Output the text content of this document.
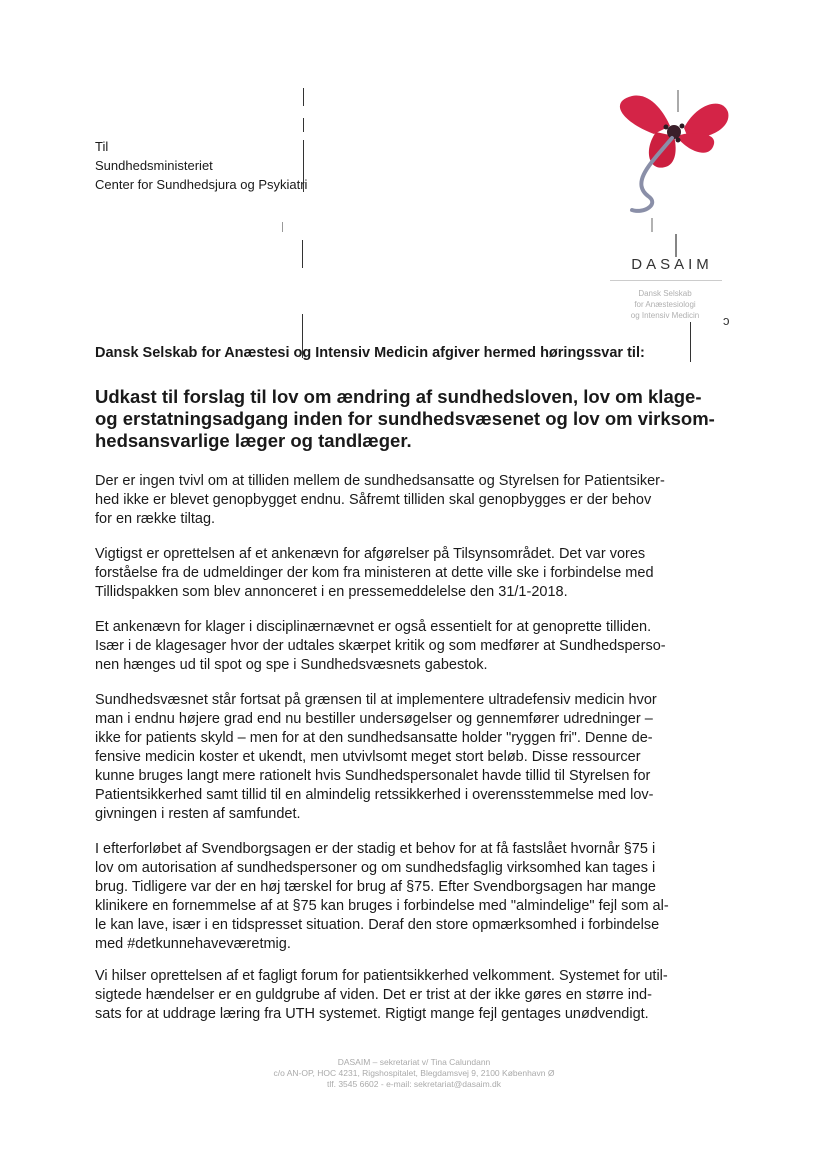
Til
Sundhedsministeriet
Center for Sundhedsjura og Psykiatri
DASAIM
Dansk Selskab
for Anæstesiologi
og Intensiv Medicin	ɔ
Dansk Selskab for Anæstesi og Intensiv Medicin afgiver hermed høringssvar til:
Udkast til forslag til lov om ændring af sundhedsloven, lov om klage-
og erstatningsadgang inden for sundhedsvæsenet og lov om virksom-
hedsansvarlige læger og tandlæger.
Der er ingen tvivl om at tilliden mellem de sundhedsansatte og Styrelsen for Patientsiker-
hed ikke er blevet genopbygget endnu. Såfremt tilliden skal genopbygges er der behov
for en række tiltag.
Vigtigst er oprettelsen af et ankenævn for afgørelser på Tilsynsområdet. Det var vores
forståelse fra de udmeldinger der kom fra ministeren at dette ville ske i forbindelse med
Tillidspakken som blev annonceret i en pressemeddelelse den 31/1-2018.
Et ankenævn for klager i disciplinærnævnet er også essentielt for at genoprette tilliden.
Især i de klagesager hvor der udtales skærpet kritik og som medfører at Sundhedsperso-
nen hænges ud til spot og spe i Sundhedsvæsnets gabestok.
Sundhedsvæsnet står fortsat på grænsen til at implementere ultradefensiv medicin hvor
man i endnu højere grad end nu bestiller undersøgelser og gennemfører udredninger –
ikke for patients skyld – men for at den sundhedsansatte holder "ryggen fri". Denne de-
fensive medicin koster et ukendt, men utvivlsomt meget stort beløb. Disse ressourcer
kunne bruges langt mere rationelt hvis Sundhedspersonalet havde tillid til Styrelsen for
Patientsikkerhed samt tillid til en almindelig retssikkerhed i overensstemmelse med lov-
givningen i resten af samfundet.
I efterforløbet af Svendborgsagen er der stadig et behov for at få fastslået hvornår §75 i
lov om autorisation af sundhedspersoner og om sundhedsfaglig virksomhed kan tages i
brug. Tidligere var der en høj tærskel for brug af §75. Efter Svendborgsagen har mange
klinikere en fornemmelse af at §75 kan bruges i forbindelse med "almindelige" fejl som al-
le kan lave, især i en tidspresset situation. Deraf den store opmærksomhed i forbindelse
med #detkunnehaveværetmig.
Vi hilser oprettelsen af et fagligt forum for patientsikkerhed velkomment. Systemet for util-
sigtede hændelser er en guldgrube af viden. Det er trist at der ikke gøres en større ind-
sats for at uddrage læring fra UTH systemet. Rigtigt mange fejl gentages unødvendigt.
DASAIM – sekretariat v/ Tina Calundann
c/o AN-OP, HOC 4231, Rigshospitalet, Blegdamsvej 9, 2100 København Ø
tlf. 3545 6602 - e-mail: sekretariat@dasaim.dk
